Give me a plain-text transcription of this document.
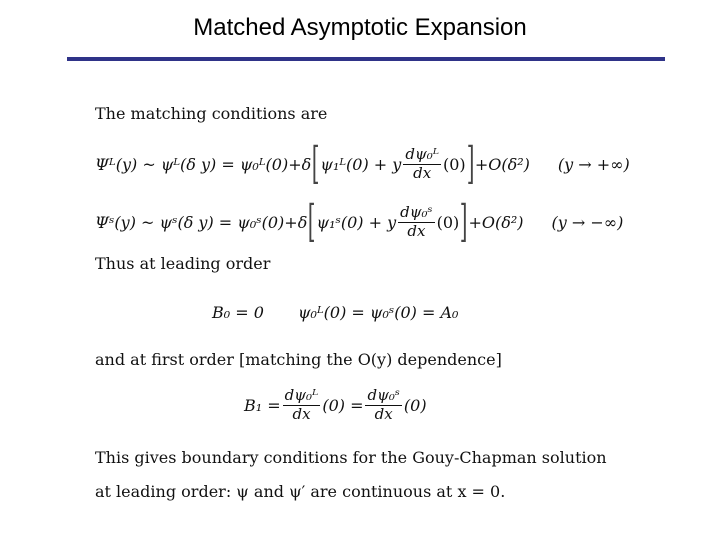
Matched Asymptotic Expansion
The matching conditions are
Ψᴸ(y) ~ ψᴸ(δ y) = ψ₀ᴸ(0)+δ [ ψ₁ᴸ(0) + y $\frac{\text{dψ₀ᴸ}}{dx} (0)$ ] +O(δ²) (y → +∞)
Ψˢ(y) ~ ψˢ(δ y) = ψ₀ˢ(0)+δ [ ψ₁ˢ(0) + y $\frac{\text{dψ₀ˢ}}{dx} (0)$ ] +O(δ²) (y → −∞)
Thus at leading order
B₀ = 0 ψ₀ᴸ(0) = ψ₀ˢ(0) = A₀
and at first order [matching the O(y) dependence]
$B_1 = \frac{\text{dψ₀ᴸ}}{dx} (0) = \frac{\text{dψ₀ˢ}}{dx} (0)$
This gives boundary conditions for the Gouy-Chapman solution
at leading order: ψ and ψ′ are continuous at x = 0.
